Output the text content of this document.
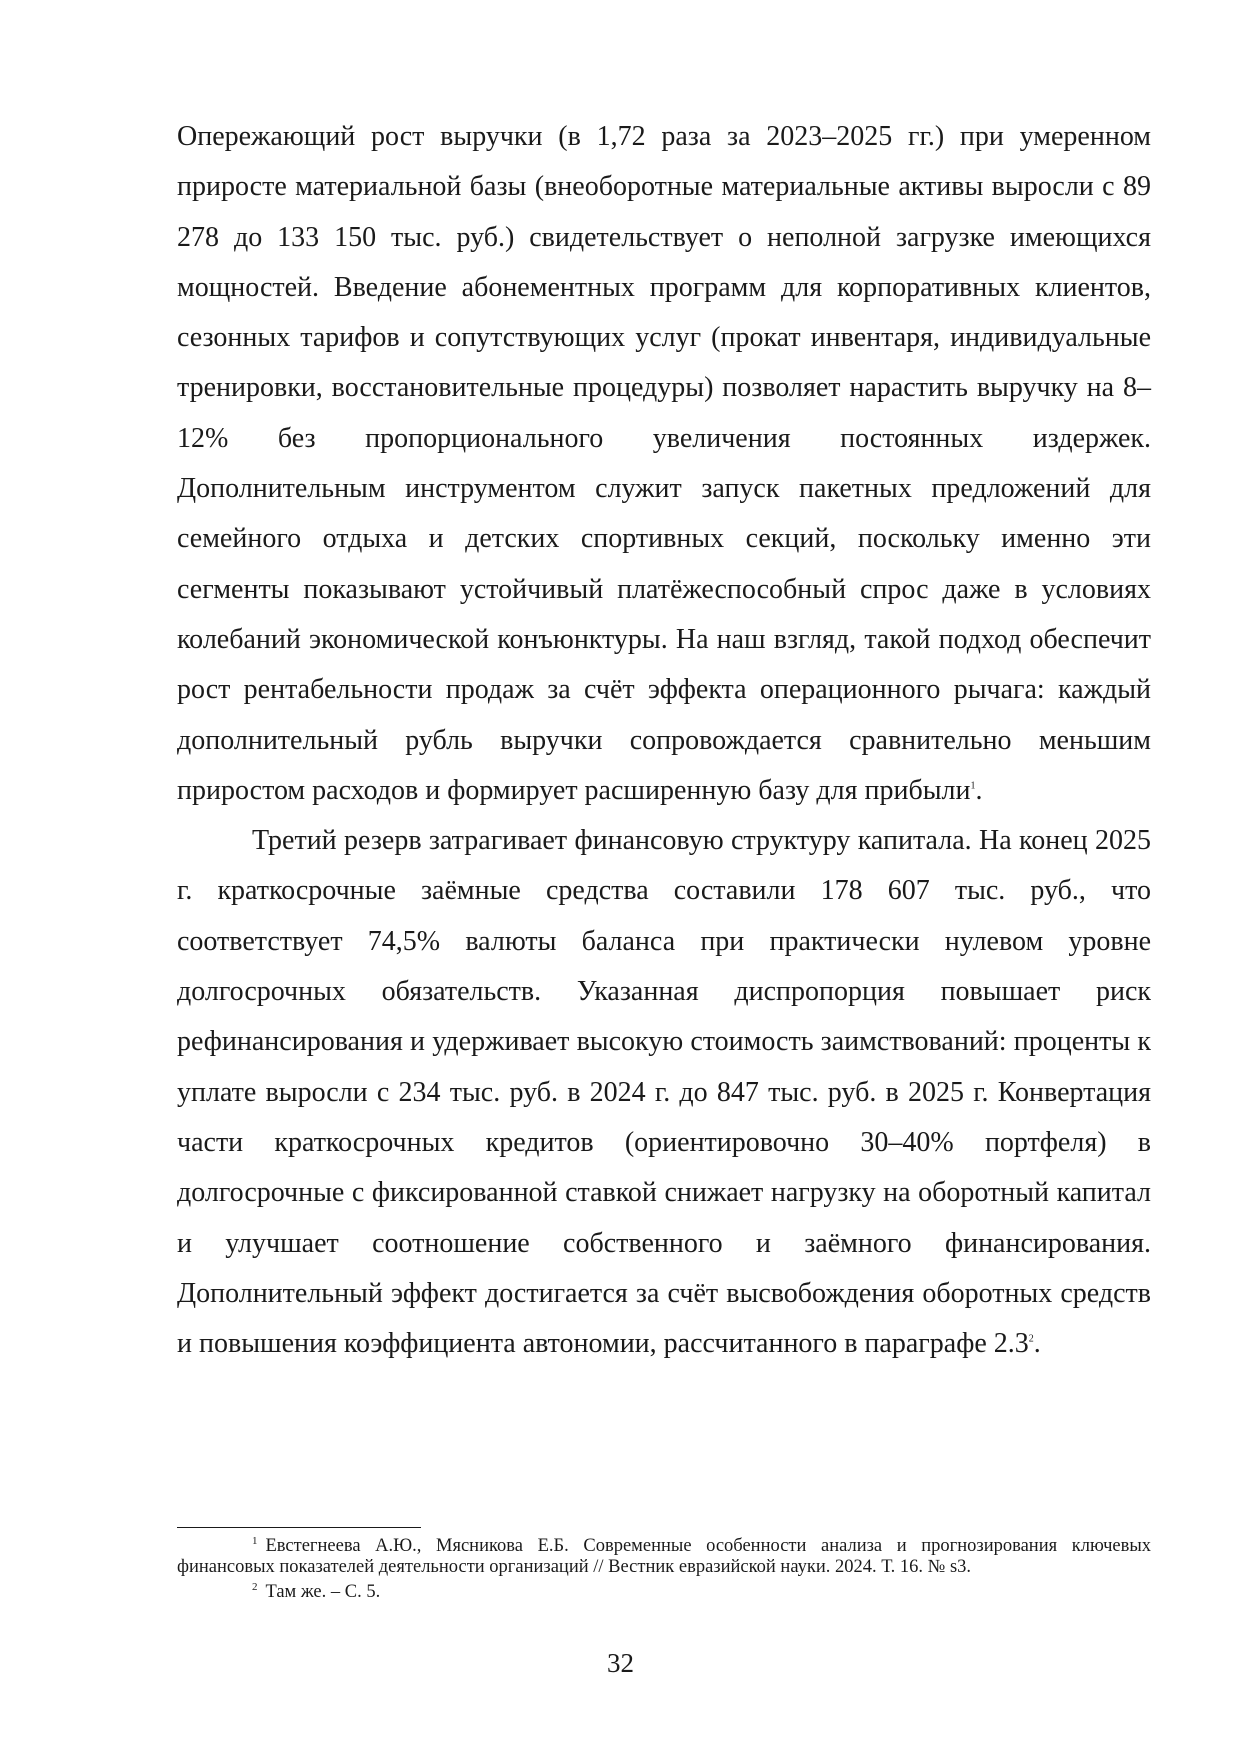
Опережающий рост выручки (в 1,72 раза за 2023–2025 гг.) при умеренном приросте материальной базы (внеоборотные материальные активы выросли с 89 278 до 133 150 тыс. руб.) свидетельствует о неполной загрузке имеющихся мощностей. Введение абонементных программ для корпоративных клиентов, сезонных тарифов и сопутствующих услуг (прокат инвентаря, индивидуальные тренировки, восстановительные процедуры) позволяет нарастить выручку на 8–12% без пропорционального увеличения постоянных издержек. Дополнительным инструментом служит запуск пакетных предложений для семейного отдыха и детских спортивных секций, поскольку именно эти сегменты показывают устойчивый платёжеспособный спрос даже в условиях колебаний экономической конъюнктуры. На наш взгляд, такой подход обеспечит рост рентабельности продаж за счёт эффекта операционного рычага: каждый дополнительный рубль выручки сопровождается сравнительно меньшим приростом расходов и формирует расширенную базу для прибыли$^1$.

Третий резерв затрагивает финансовую структуру капитала. На конец 2025 г. краткосрочные заёмные средства составили 178 607 тыс. руб., что соответствует 74,5% валюты баланса при практически нулевом уровне долгосрочных обязательств. Указанная диспропорция повышает риск рефинансирования и удерживает высокую стоимость заимствований: проценты к уплате выросли с 234 тыс. руб. в 2024 г. до 847 тыс. руб. в 2025 г. Конвертация части краткосрочных кредитов (ориентировочно 30–40% портфеля) в долгосрочные с фиксированной ставкой снижает нагрузку на оборотный капитал и улучшает соотношение собственного и заёмного финансирования. Дополнительный эффект достигается за счёт высвобождения оборотных средств и повышения коэффициента автономии, рассчитанного в параграфе 2.3$^2$.

$^1$ Евстегнеева А.Ю., Мясникова Е.Б. Современные особенности анализа и прогнозирования ключевых финансовых показателей деятельности организаций // Вестник евразийской науки. 2024. Т. 16. № s3.

$^2$ Там же. – С. 5.

32
